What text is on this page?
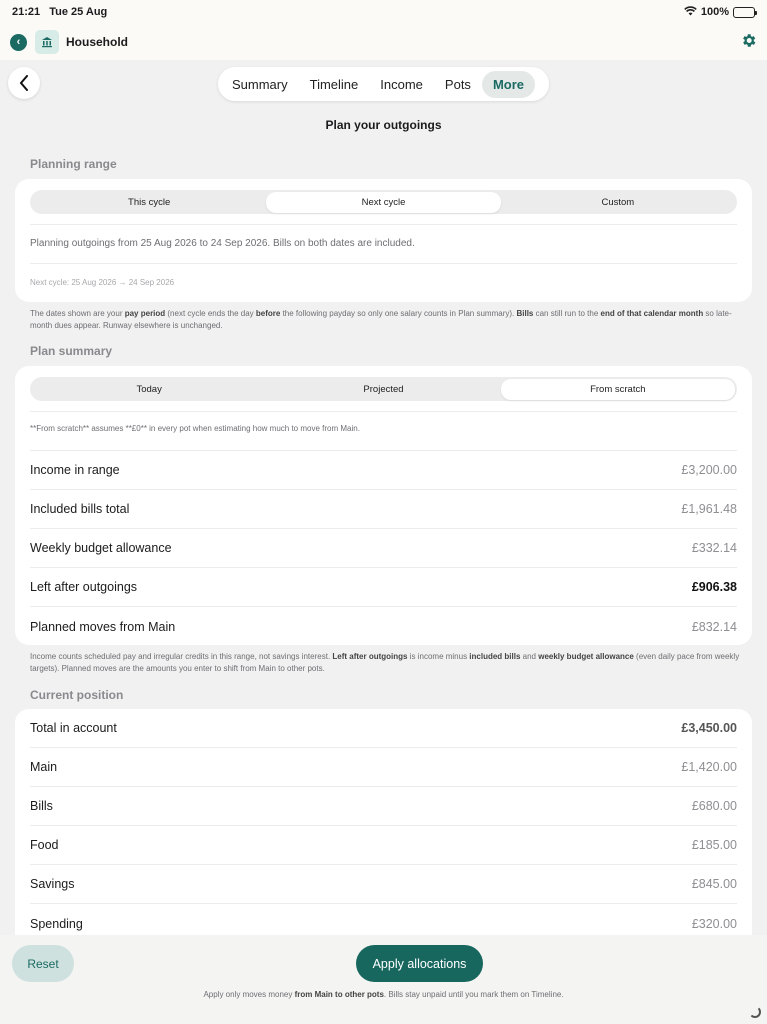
21:21 Tue 25 Aug	100%
‹	Household
Summary	Timeline	Income	Pots	More
Plan your outgoings
Planning range
This cycle	Next cycle	Custom
Planning outgoings from 25 Aug 2026 to 24 Sep 2026. Bills on both dates are included.
Next cycle: 25 Aug 2026 → 24 Sep 2026
The dates shown are your pay period (next cycle ends the day before the following payday so only one salary counts in Plan summary). Bills can still run to the end of that calendar month so late-month dues appear. Runway elsewhere is unchanged.
Plan summary
Today	Projected	From scratch
**From scratch** assumes **£0** in every pot when estimating how much to move from Main.
Income in range	£3,200.00
Included bills total	£1,961.48
Weekly budget allowance	£332.14
Left after outgoings	£906.38
Planned moves from Main	£832.14
Income counts scheduled pay and irregular credits in this range, not savings interest. Left after outgoings is income minus included bills and weekly budget allowance (even daily pace from weekly targets). Planned moves are the amounts you enter to shift from Main to other pots.
Current position
Total in account	£3,450.00
Main	£1,420.00
Bills	£680.00
Food	£185.00
Savings	£845.00
Spending	£320.00
Reset	Apply allocations
Apply only moves money from Main to other pots. Bills stay unpaid until you mark them on Timeline.
